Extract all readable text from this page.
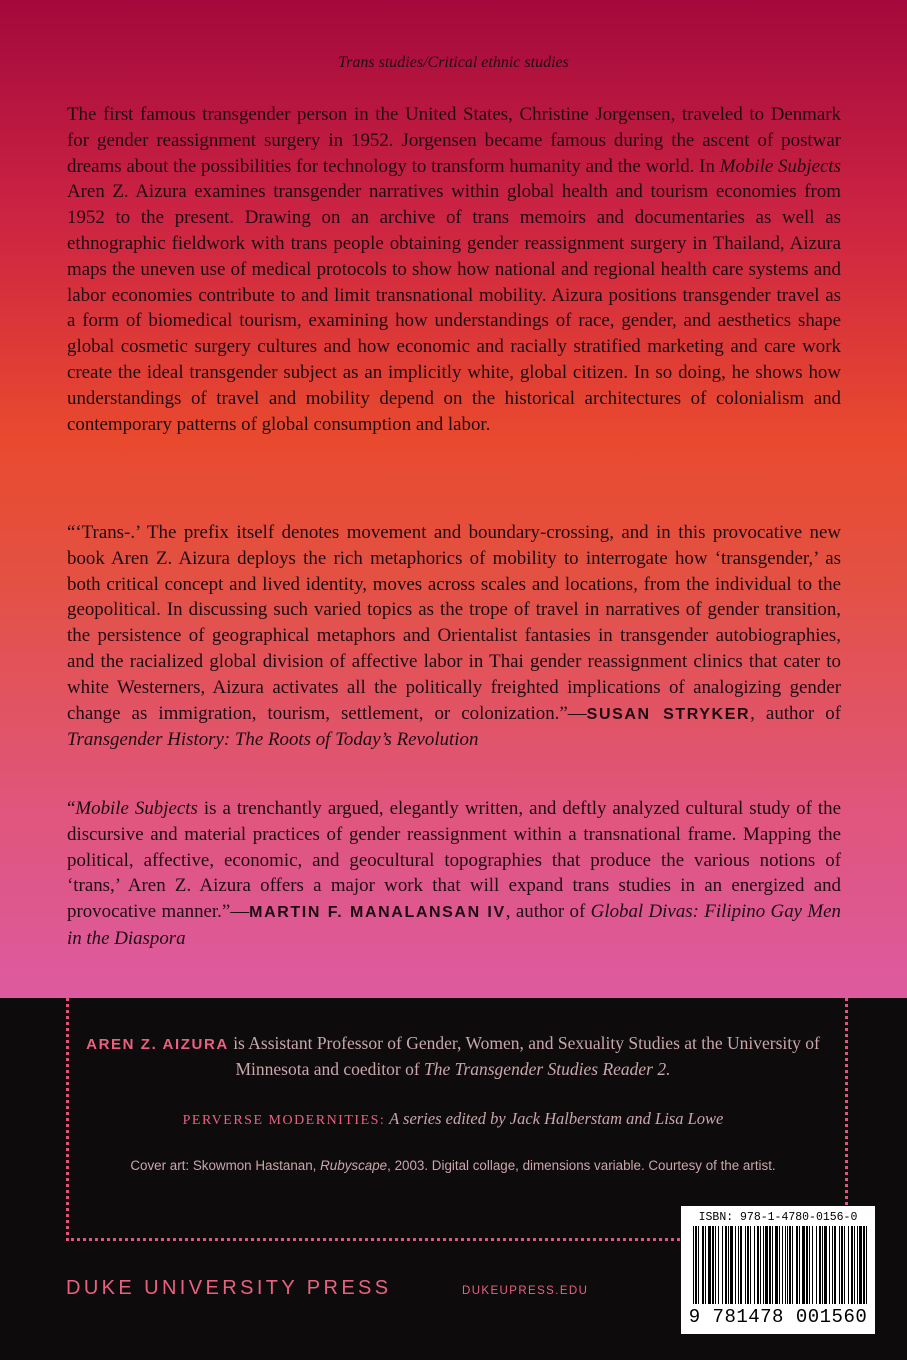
Trans studies/Critical ethnic studies

The first famous transgender person in the United States, Christine Jorgensen, traveled to Denmark for gender reassignment surgery in 1952. Jorgensen became famous during the ascent of postwar dreams about the possibilities for technology to transform humanity and the world. In Mobile Subjects Aren Z. Aizura examines transgender narratives within global health and tourism economies from 1952 to the present. Drawing on an archive of trans memoirs and documentaries as well as ethnographic fieldwork with trans people obtaining gender reassignment surgery in Thailand, Aizura maps the uneven use of medical protocols to show how national and regional health care systems and labor economies contribute to and limit transnational mobility. Aizura positions transgender travel as a form of biomedical tourism, examining how understandings of race, gender, and aesthetics shape global cosmetic surgery cultures and how economic and racially stratified marketing and care work create the ideal transgender subject as an implicitly white, global citizen. In so doing, he shows how understandings of travel and mobility depend on the historical architectures of colonialism and contemporary patterns of global consumption and labor.

“‘Trans-.’ The prefix itself denotes movement and boundary-crossing, and in this provocative new book Aren Z. Aizura deploys the rich metaphorics of mobility to interrogate how ‘transgender,’ as both critical concept and lived identity, moves across scales and locations, from the individual to the geopolitical. In discussing such varied topics as the trope of travel in narratives of gender transition, the persistence of geographical metaphors and Orientalist fantasies in transgender autobiographies, and the racialized global division of affective labor in Thai gender reassignment clinics that cater to white Westerners, Aizura activates all the politically freighted implications of analogizing gender change as immigration, tourism, settlement, or colonization.”—SUSAN STRYKER, author of Transgender History: The Roots of Today’s Revolution

“Mobile Subjects is a trenchantly argued, elegantly written, and deftly analyzed cultural study of the discursive and material practices of gender reassignment within a transnational frame. Mapping the political, affective, economic, and geocultural topographies that produce the various notions of ‘trans,’ Aren Z. Aizura offers a major work that will expand trans studies in an energized and provocative manner.”—MARTIN F. MANALANSAN IV, author of Global Divas: Filipino Gay Men in the Diaspora

AREN Z. AIZURA is Assistant Professor of Gender, Women, and Sexuality Studies at the University of Minnesota and coeditor of The Transgender Studies Reader 2.

PERVERSE MODERNITIES: A series edited by Jack Halberstam and Lisa Lowe

Cover art: Skowmon Hastanan, Rubyscape, 2003. Digital collage, dimensions variable. Courtesy of the artist.

DUKE UNIVERSITY PRESS	DUKEUPRESS.EDU
ISBN: 978-1-4780-0156-0
9 781478 001560
